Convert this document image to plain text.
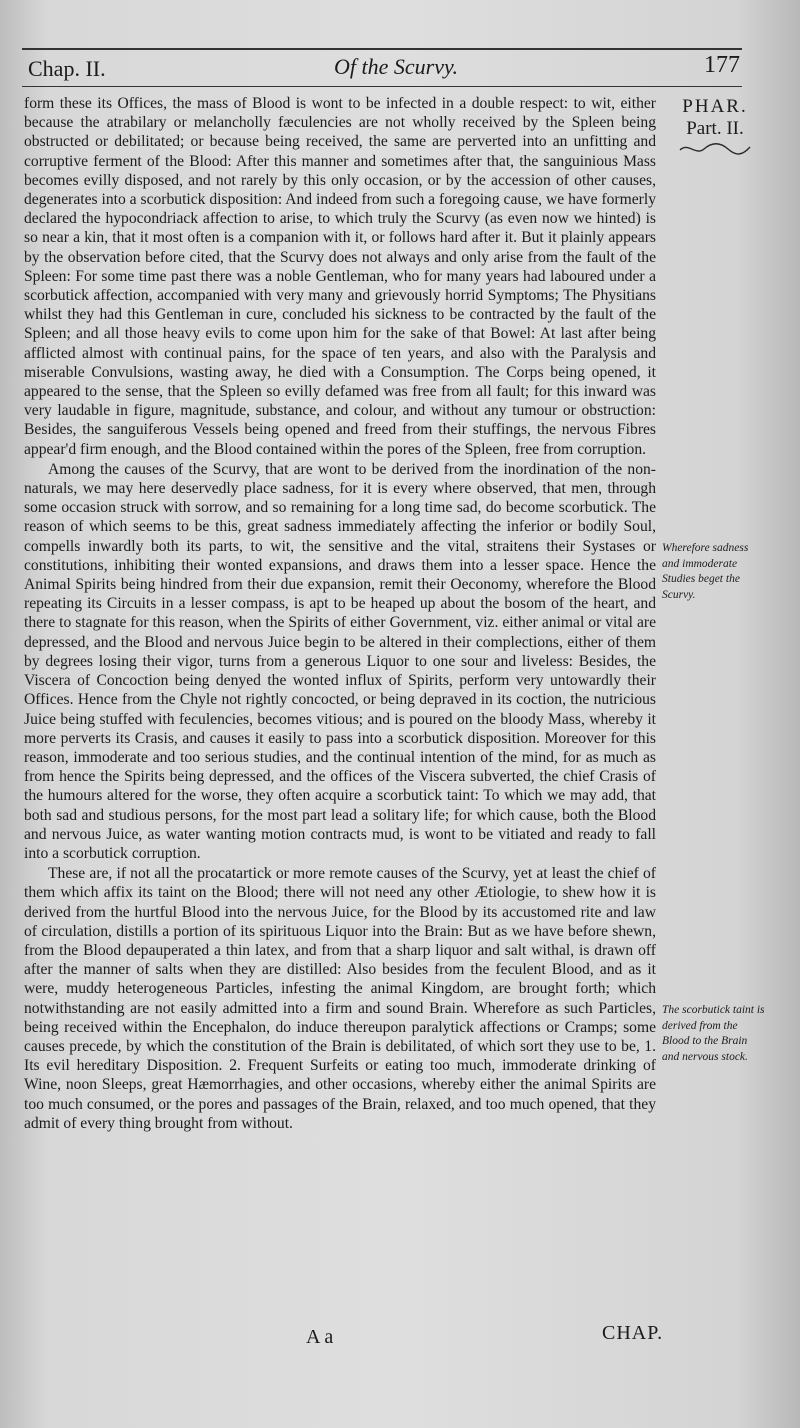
Chap. II.	Of the Scurvy.	177
PHAR.
Part. II.

form these its Offices, the mass of Blood is wont to be infected in a double respect: to wit, either because the atrabilary or melancholly fæculencies are not wholly received by the Spleen being obstructed or debilitated; or because being received, the same are perverted into an unfitting and corruptive ferment of the Blood: After this manner and sometimes after that, the sanguinious Mass becomes evilly disposed, and not rarely by this only occasion, or by the accession of other causes, degenerates into a scorbutick disposition: And indeed from such a foregoing cause, we have formerly declared the hypocondriack affection to arise, to which truly the Scurvy (as even now we hinted) is so near a kin, that it most often is a companion with it, or follows hard after it. But it plainly appears by the observation before cited, that the Scurvy does not always and only arise from the fault of the Spleen: For some time past there was a noble Gentleman, who for many years had laboured under a scorbutick affection, accompanied with very many and grievously horrid Symptoms; The Physitians whilst they had this Gentleman in cure, concluded his sickness to be contracted by the fault of the Spleen; and all those heavy evils to come upon him for the sake of that Bowel: At last after being afflicted almost with continual pains, for the space of ten years, and also with the Paralysis and miserable Convulsions, wasting away, he died with a Consumption. The Corps being opened, it appeared to the sense, that the Spleen so evilly defamed was free from all fault; for this inward was very laudable in figure, magnitude, substance, and colour, and without any tumour or obstruction: Besides, the sanguiferous Vessels being opened and freed from their stuffings, the nervous Fibres appear'd firm enough, and the Blood contained within the pores of the Spleen, free from corruption.

Among the causes of the Scurvy, that are wont to be derived from the inordination of the non-naturals, we may here deservedly place sadness, for it is every where observed, that men, through some occasion struck with sorrow, and so remaining for a long time sad, do become scorbutick. The reason of which seems to be this, great sadness immediately affecting the inferior or bodily Soul, compells inwardly both its parts, to wit, the sensitive and the vital, straitens their Systases or constitutions, inhibiting their wonted expansions, and draws them into a lesser space. Hence the Animal Spirits being hindred from their due expansion, remit their Oeconomy, wherefore the Blood repeating its Circuits in a lesser compass, is apt to be heaped up about the bosom of the heart, and there to stagnate for this reason, when the Spirits of either Government, viz. either animal or vital are depressed, and the Blood and nervous Juice begin to be altered in their complections, either of them by degrees losing their vigor, turns from a generous Liquor to one sour and liveless: Besides, the Viscera of Concoction being denyed the wonted influx of Spirits, perform very untowardly their Offices. Hence from the Chyle not rightly concocted, or being depraved in its coction, the nutricious Juice being stuffed with feculencies, becomes vitious; and is poured on the bloody Mass, whereby it more perverts its Crasis, and causes it easily to pass into a scorbutick disposition. Moreover for this reason, immoderate and too serious studies, and the continual intention of the mind, for as much as from hence the Spirits being depressed, and the offices of the Viscera subverted, the chief Crasis of the humours altered for the worse, they often acquire a scorbutick taint: To which we may add, that both sad and studious persons, for the most part lead a solitary life; for which cause, both the Blood and nervous Juice, as water wanting motion contracts mud, is wont to be vitiated and ready to fall into a scorbutick corruption.

These are, if not all the procatartick or more remote causes of the Scurvy, yet at least the chief of them which affix its taint on the Blood; there will not need any other Ætiologie, to shew how it is derived from the hurtful Blood into the nervous Juice, for the Blood by its accustomed rite and law of circulation, distills a portion of its spirituous Liquor into the Brain: But as we have before shewn, from the Blood depauperated a thin latex, and from that a sharp liquor and salt withal, is drawn off after the manner of salts when they are distilled: Also besides from the feculent Blood, and as it were, muddy heterogeneous Particles, infesting the animal Kingdom, are brought forth; which notwithstanding are not easily admitted into a firm and sound Brain. Wherefore as such Particles, being received within the Encephalon, do induce thereupon paralytick affections or Cramps; some causes precede, by which the constitution of the Brain is debilitated, of which sort they use to be, 1. Its evil hereditary Disposition. 2. Frequent Surfeits or eating too much, immoderate drinking of Wine, noon Sleeps, great Hæmorrhagies, and other occasions, whereby either the animal Spirits are too much consumed, or the pores and passages of the Brain, relaxed, and too much opened, that they admit of every thing brought from without.

Wherefore sadness and immoderate Studies beget the Scurvy.
The scorbutick taint is derived from the Blood to the Brain and nervous stock.
A a	CHAP.
